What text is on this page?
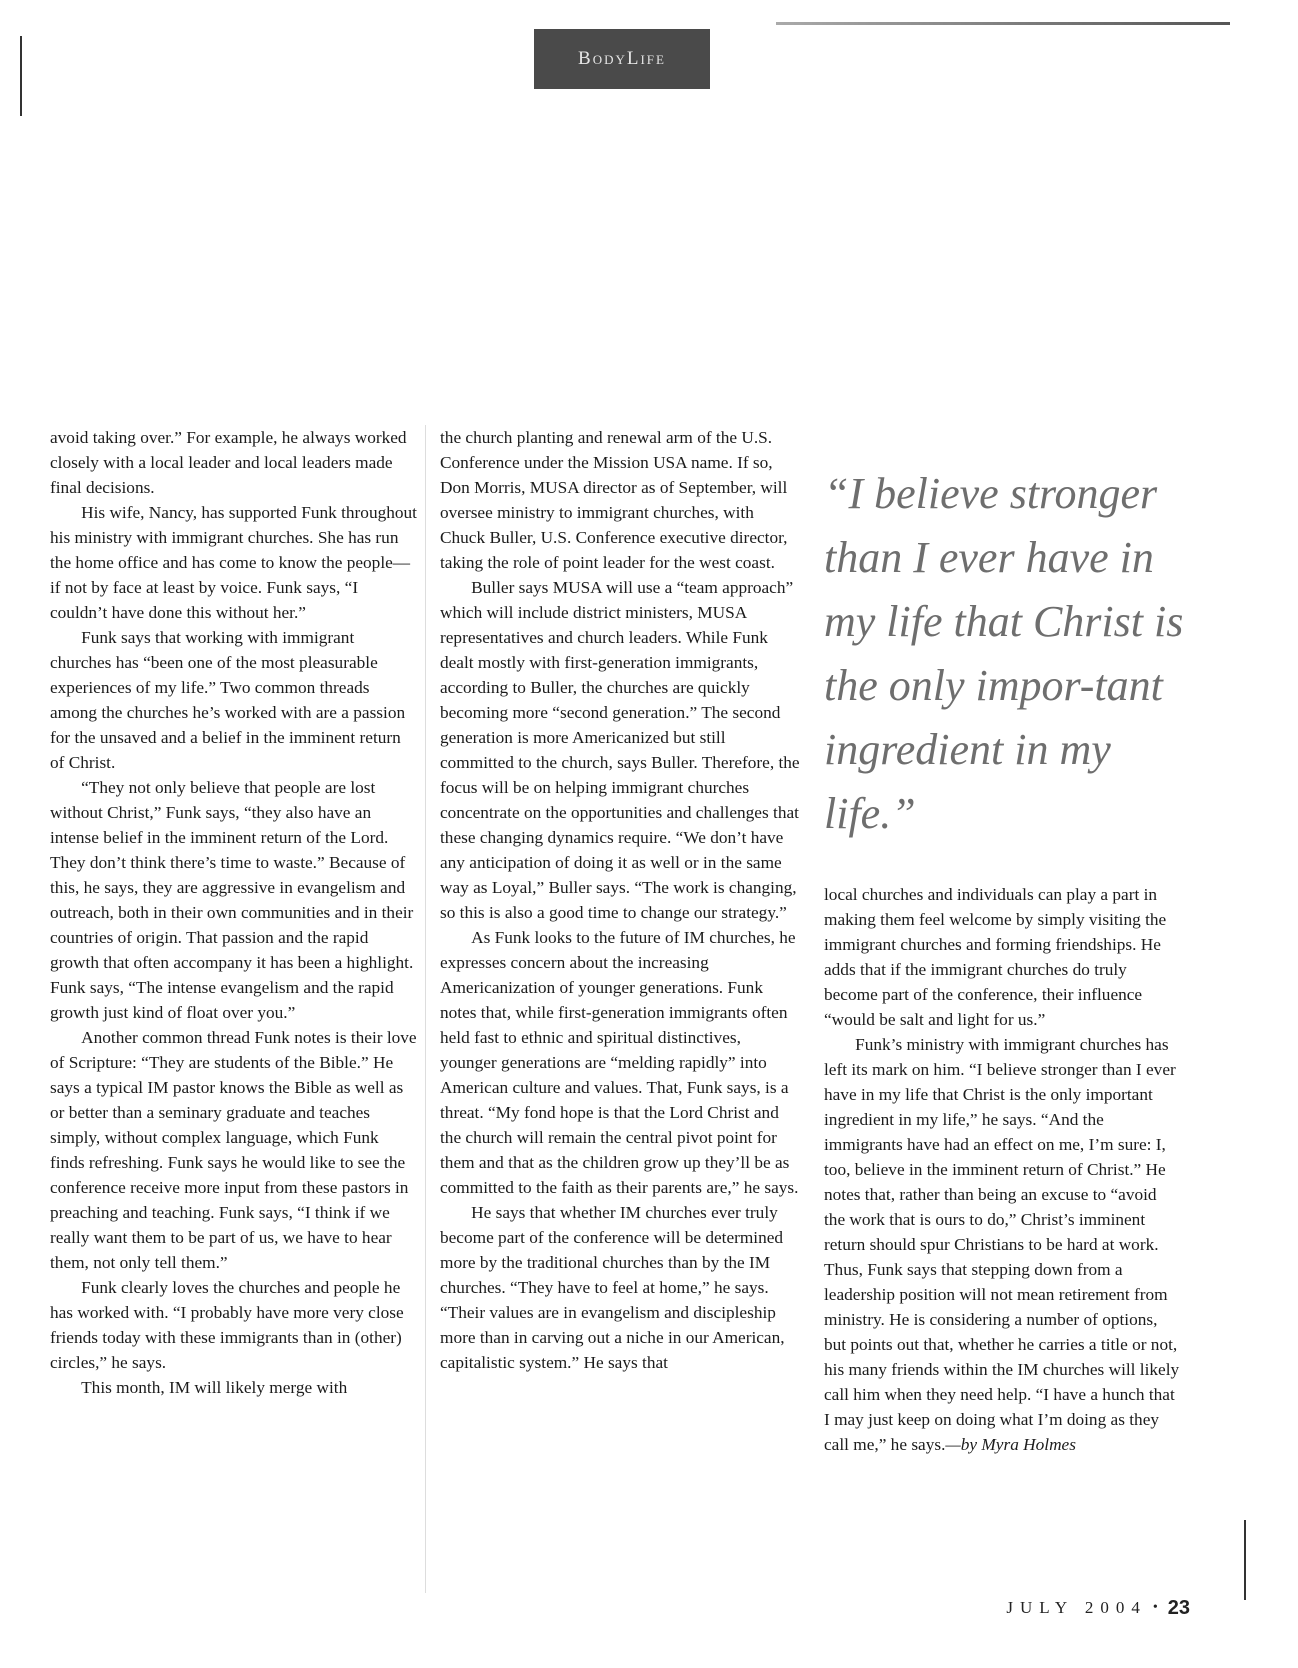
BodyLife

avoid taking over.” For example, he always worked closely with a local leader and local leaders made final decisions.

His wife, Nancy, has supported Funk throughout his ministry with immigrant churches. She has run the home office and has come to know the people—if not by face at least by voice. Funk says, “I couldn’t have done this without her.”

Funk says that working with immigrant churches has “been one of the most pleasurable experiences of my life.” Two common threads among the churches he’s worked with are a passion for the unsaved and a belief in the imminent return of Christ.

“They not only believe that people are lost without Christ,” Funk says, “they also have an intense belief in the imminent return of the Lord. They don’t think there’s time to waste.” Because of this, he says, they are aggressive in evangelism and outreach, both in their own communities and in their countries of origin. That passion and the rapid growth that often accompany it has been a highlight. Funk says, “The intense evangelism and the rapid growth just kind of float over you.”

Another common thread Funk notes is their love of Scripture: “They are students of the Bible.” He says a typical IM pastor knows the Bible as well as or better than a seminary graduate and teaches simply, without complex language, which Funk finds refreshing. Funk says he would like to see the conference receive more input from these pastors in preaching and teaching. Funk says, “I think if we really want them to be part of us, we have to hear them, not only tell them.”

Funk clearly loves the churches and people he has worked with. “I probably have more very close friends today with these immigrants than in (other) circles,” he says.

This month, IM will likely merge with

the church planting and renewal arm of the U.S. Conference under the Mission USA name. If so, Don Morris, MUSA director as of September, will oversee ministry to immigrant churches, with Chuck Buller, U.S. Conference executive director, taking the role of point leader for the west coast.

Buller says MUSA will use a “team approach” which will include district ministers, MUSA representatives and church leaders. While Funk dealt mostly with first-generation immigrants, according to Buller, the churches are quickly becoming more “second generation.” The second generation is more Americanized but still committed to the church, says Buller. Therefore, the focus will be on helping immigrant churches concentrate on the opportunities and challenges that these changing dynamics require. “We don’t have any anticipation of doing it as well or in the same way as Loyal,” Buller says. “The work is changing, so this is also a good time to change our strategy.”

As Funk looks to the future of IM churches, he expresses concern about the increasing Americanization of younger generations. Funk notes that, while first-generation immigrants often held fast to ethnic and spiritual distinctives, younger generations are “melding rapidly” into American culture and values. That, Funk says, is a threat. “My fond hope is that the Lord Christ and the church will remain the central pivot point for them and that as the children grow up they’ll be as committed to the faith as their parents are,” he says.

He says that whether IM churches ever truly become part of the conference will be determined more by the traditional churches than by the IM churches. “They have to feel at home,” he says. “Their values are in evangelism and discipleship more than in carving out a niche in our American, capitalistic system.” He says that

“I believe stronger than I ever have in my life that Christ is the only impor-tant ingredient in my life.”

local churches and individuals can play a part in making them feel welcome by simply visiting the immigrant churches and forming friendships. He adds that if the immigrant churches do truly become part of the conference, their influence “would be salt and light for us.”

Funk’s ministry with immigrant churches has left its mark on him. “I believe stronger than I ever have in my life that Christ is the only important ingredient in my life,” he says. “And the immigrants have had an effect on me, I’m sure: I, too, believe in the imminent return of Christ.” He notes that, rather than being an excuse to “avoid the work that is ours to do,” Christ’s imminent return should spur Christians to be hard at work. Thus, Funk says that stepping down from a leadership position will not mean retirement from ministry. He is considering a number of options, but points out that, whether he carries a title or not, his many friends within the IM churches will likely call him when they need help. “I have a hunch that I may just keep on doing what I’m doing as they call me,” he says.—by Myra Holmes

JULY 2004 • 23
